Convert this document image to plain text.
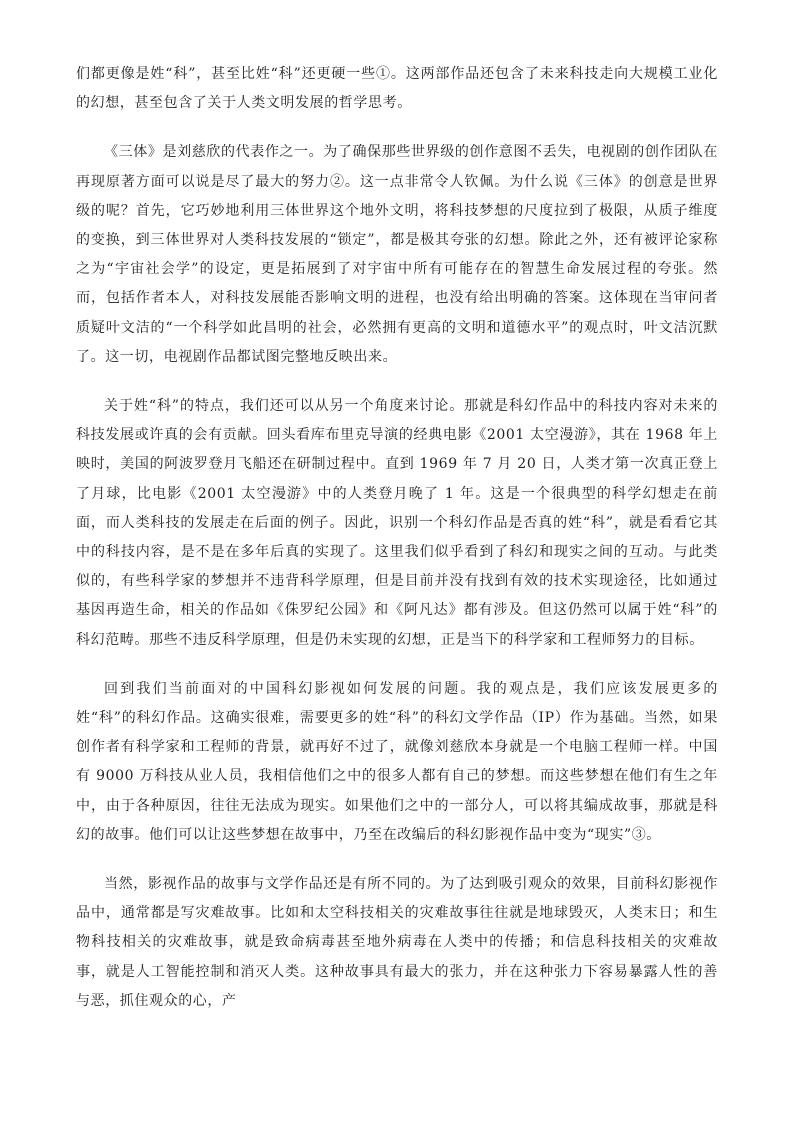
们都更像是姓“科”，甚至比姓“科”还更硬一些①。这两部作品还包含了未来科技走向大规模工业化的幻想，甚至包含了关于人类文明发展的哲学思考。

《三体》是刘慈欣的代表作之一。为了确保那些世界级的创作意图不丢失，电视剧的创作团队在再现原著方面可以说是尽了最大的努力②。这一点非常令人钦佩。为什么说《三体》的创意是世界级的呢？首先，它巧妙地利用三体世界这个地外文明，将科技梦想的尺度拉到了极限，从质子维度的变换，到三体世界对人类科技发展的“锁定”，都是极其夸张的幻想。除此之外，还有被评论家称之为“宇宙社会学”的设定，更是拓展到了对宇宙中所有可能存在的智慧生命发展过程的夸张。然而，包括作者本人，对科技发展能否影响文明的进程，也没有给出明确的答案。这体现在当审问者质疑叶文洁的“一个科学如此昌明的社会，必然拥有更高的文明和道德水平”的观点时，叶文洁沉默了。这一切，电视剧作品都试图完整地反映出来。

关于姓“科”的特点，我们还可以从另一个角度来讨论。那就是科幻作品中的科技内容对未来的科技发展或许真的会有贡献。回头看库布里克导演的经典电影《2001 太空漫游》，其在 1968 年上映时，美国的阿波罗登月飞船还在研制过程中。直到 1969 年 7 月 20 日，人类才第一次真正登上了月球，比电影《2001 太空漫游》中的人类登月晚了 1 年。这是一个很典型的科学幻想走在前面，而人类科技的发展走在后面的例子。因此，识别一个科幻作品是否真的姓“科”，就是看看它其中的科技内容，是不是在多年后真的实现了。这里我们似乎看到了科幻和现实之间的互动。与此类似的，有些科学家的梦想并不违背科学原理，但是目前并没有找到有效的技术实现途径，比如通过基因再造生命，相关的作品如《侏罗纪公园》和《阿凡达》都有涉及。但这仍然可以属于姓“科”的科幻范畴。那些不违反科学原理，但是仍未实现的幻想，正是当下的科学家和工程师努力的目标。

回到我们当前面对的中国科幻影视如何发展的问题。我的观点是，我们应该发展更多的姓“科”的科幻作品。这确实很难，需要更多的姓“科”的科幻文学作品（IP）作为基础。当然，如果创作者有科学家和工程师的背景，就再好不过了，就像刘慈欣本身就是一个电脑工程师一样。中国有 9000 万科技从业人员，我相信他们之中的很多人都有自己的梦想。而这些梦想在他们有生之年中，由于各种原因，往往无法成为现实。如果他们之中的一部分人，可以将其编成故事，那就是科幻的故事。他们可以让这些梦想在故事中，乃至在改编后的科幻影视作品中变为“现实”③。

当然，影视作品的故事与文学作品还是有所不同的。为了达到吸引观众的效果，目前科幻影视作品中，通常都是写灾难故事。比如和太空科技相关的灾难故事往往就是地球毁灭，人类末日；和生物科技相关的灾难故事，就是致命病毒甚至地外病毒在人类中的传播；和信息科技相关的灾难故事，就是人工智能控制和消灭人类。这种故事具有最大的张力，并在这种张力下容易暴露人性的善与恶，抓住观众的心，产
